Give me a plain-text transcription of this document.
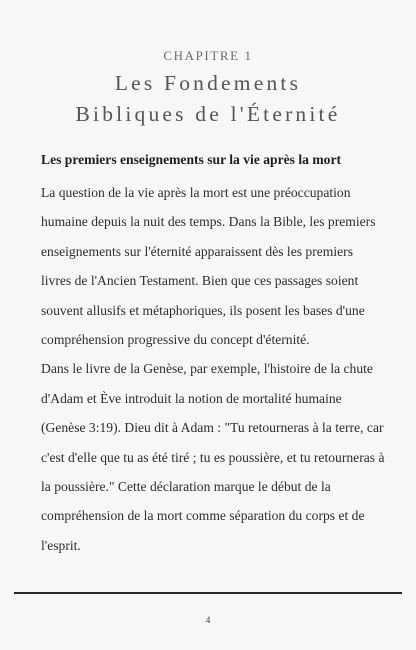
CHAPITRE 1
Les Fondements
Bibliques de l'Éternité
Les premiers enseignements sur la vie après la mort

La question de la vie après la mort est une préoccupation humaine depuis la nuit des temps. Dans la Bible, les premiers enseignements sur l'éternité apparaissent dès les premiers livres de l'Ancien Testament. Bien que ces passages soient souvent allusifs et métaphoriques, ils posent les bases d'une compréhension progressive du concept d'éternité.

Dans le livre de la Genèse, par exemple, l'histoire de la chute d'Adam et Ève introduit la notion de mortalité humaine (Genèse 3:19). Dieu dit à Adam : "Tu retourneras à la terre, car c'est d'elle que tu as été tiré ; tu es poussière, et tu retourneras à la poussière." Cette déclaration marque le début de la compréhension de la mort comme séparation du corps et de l'esprit.

4
